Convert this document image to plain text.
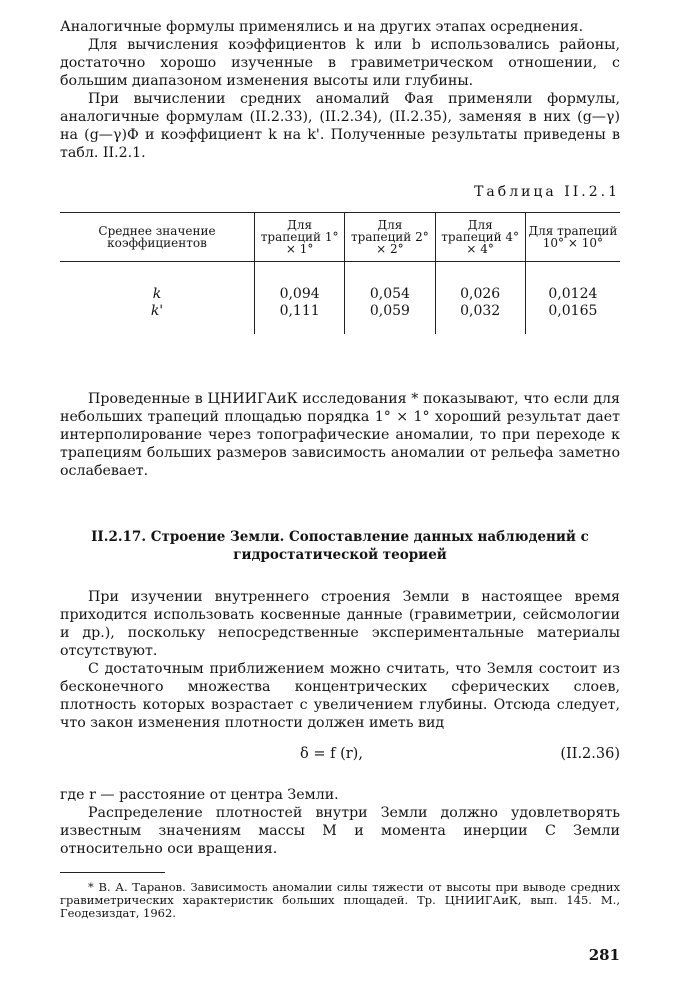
Аналогичные формулы применялись и на других этапах осреднения.

Для вычисления коэффициентов k или b использовались районы, достаточно хорошо изученные в гравиметрическом отношении, с большим диапазоном изменения высоты или глубины.

При вычислении средних аномалий Фая применяли формулы, аналогичные формулам (II.2.33), (II.2.34), (II.2.35), заменяя в них (g—γ) на (g—γ)Ф и коэффициент k на k'. Полученные результаты приведены в табл. II.2.1.

Таблица II.2.1
Среднее значение коэффициентов	Для трапеций 1° × 1°	Для трапеций 2° × 2°	Для трапеций 4° × 4°	Для трапеций 10° × 10°

k	0,094	0,054	0,026	0,0124
k'	0,111	0,059	0,032	0,0165

Проведенные в ЦНИИГАиК исследования * показывают, что если для небольших трапеций площадью порядка 1° × 1° хороший результат дает интерполирование через топографические аномалии, то при переходе к трапециям больших размеров зависимость аномалии от рельефа заметно ослабевает.

II.2.17. Строение Земли. Сопоставление данных наблюдений с гидростатической теорией

При изучении внутреннего строения Земли в настоящее время приходится использовать косвенные данные (гравиметрии, сейсмологии и др.), поскольку непосредственные экспериментальные материалы отсутствуют.

С достаточным приближением можно считать, что Земля состоит из бесконечного множества концентрических сферических слоев, плотность которых возрастает с увеличением глубины. Отсюда следует, что закон изменения плотности должен иметь вид

δ = f (r),	(II.2.36)

где r — расстояние от центра Земли.

Распределение плотностей внутри Земли должно удовлетворять известным значениям массы M и момента инерции C Земли относительно оси вращения.

* В. А. Таранов. Зависимость аномалии силы тяжести от высоты при выводе средних гравиметрических характеристик больших площадей. Тр. ЦНИИГАиК, вып. 145. М., Геодезиздат, 1962.

281
